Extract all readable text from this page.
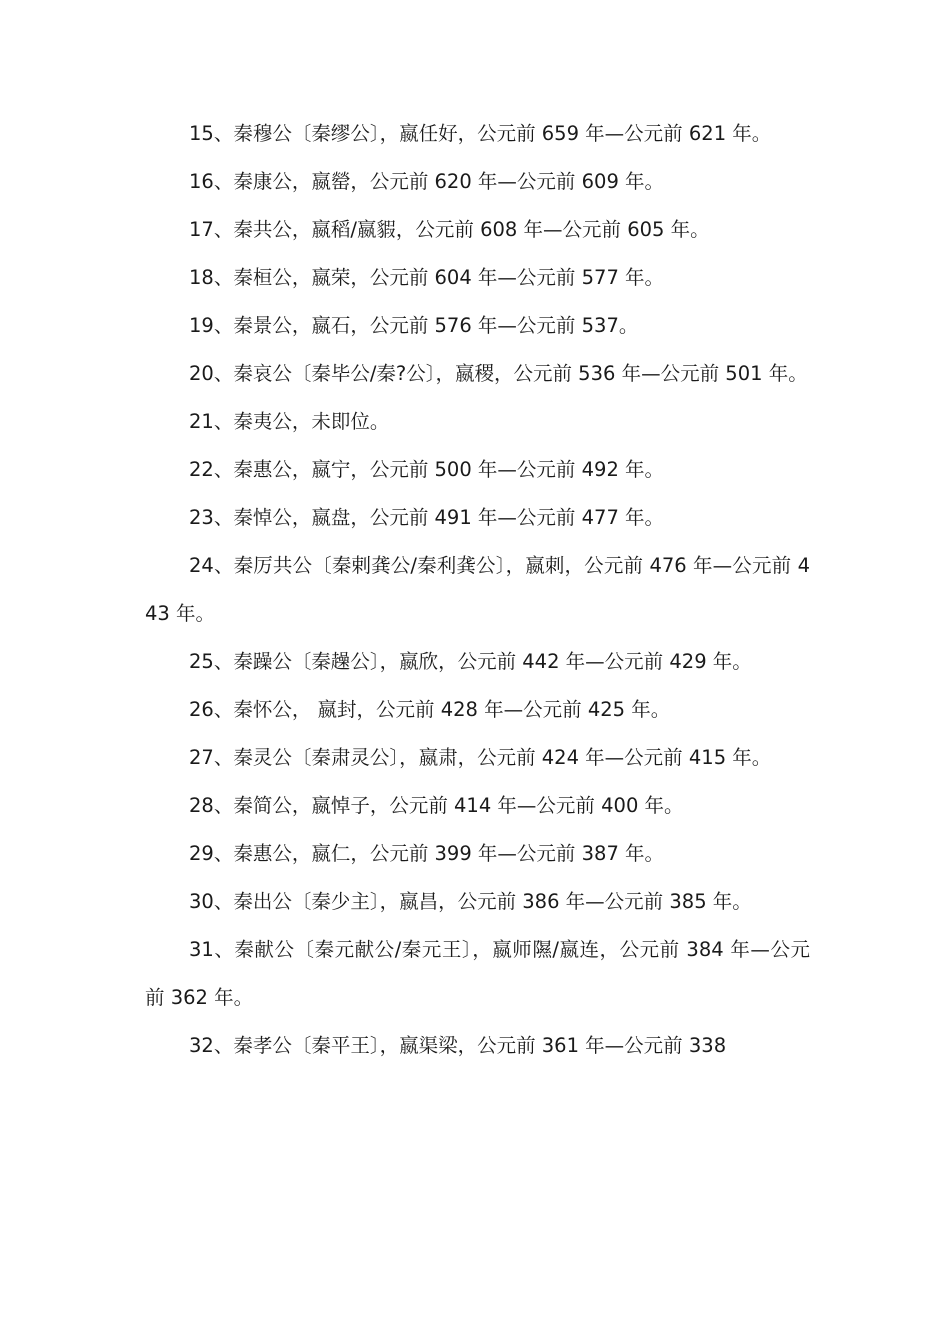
15、秦穆公〔秦缪公〕，嬴任好，公元前 659 年—公元前 621 年。

16、秦康公，嬴罃，公元前 620 年—公元前 609 年。

17、秦共公，嬴稻/嬴貑，公元前 608 年—公元前 605 年。

18、秦桓公，嬴荣，公元前 604 年—公元前 577 年。

19、秦景公，嬴石，公元前 576 年—公元前 537。

20、秦哀公〔秦毕公/秦?公〕，嬴稷，公元前 536 年—公元前 501 年。

21、秦夷公，未即位。

22、秦惠公，嬴宁，公元前 500 年—公元前 492 年。

23、秦悼公，嬴盘，公元前 491 年—公元前 477 年。

24、秦厉共公〔秦剌龚公/秦利龚公〕，嬴刺，公元前 476 年—公元前 443 年。

25、秦躁公〔秦趮公〕，嬴欣，公元前 442 年—公元前 429 年。

26、秦怀公， 嬴封，公元前 428 年—公元前 425 年。

27、秦灵公〔秦肃灵公〕，嬴肃，公元前 424 年—公元前 415 年。

28、秦简公，嬴悼子，公元前 414 年—公元前 400 年。

29、秦惠公，嬴仁，公元前 399 年—公元前 387 年。

30、秦出公〔秦少主〕，嬴昌，公元前 386 年—公元前 385 年。

31、秦献公〔秦元献公/秦元王〕，嬴师隰/嬴连，公元前 384 年—公元前 362 年。

32、秦孝公〔秦平王〕，嬴渠梁，公元前 361 年—公元前 338
